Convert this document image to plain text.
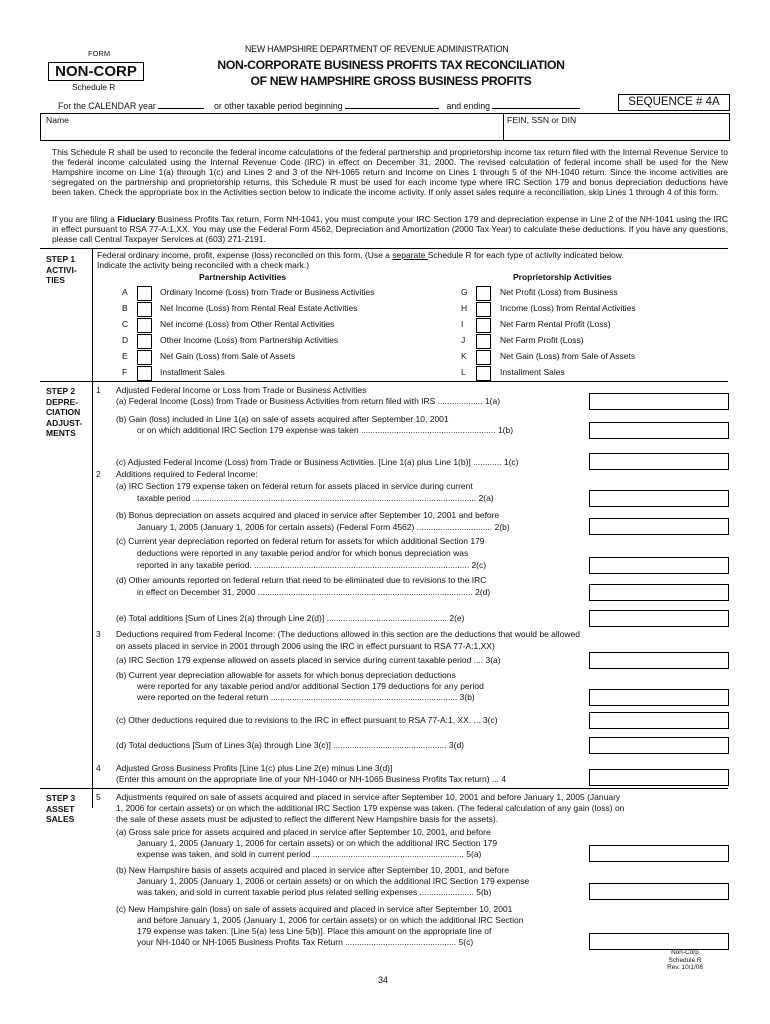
NEW HAMPSHIRE DEPARTMENT OF REVENUE ADMINISTRATION
FORM
NON-CORP
Schedule R
NON-CORPORATE BUSINESS PROFITS TAX RECONCILIATION
OF NEW HAMPSHIRE GROSS BUSINESS PROFITS
For the CALENDAR year	or other taxable period beginning	and ending	SEQUENCE # 4A
Name	FEIN, SSN or DIN
This Schedule R shall be used to reconcile the federal income calculations of the federal partnership and proprietorship income tax return filed with the Internal Revenue Service to the federal income calculated using the Internal Revenue Code (IRC) in effect on December 31, 2000. The revised calculation of federal income shall be used for the New Hampshire income on Line 1(a) through 1(c) and Lines 2 and 3 of the NH-1065 return and income on Lines 1 through 5 of the NH-1040 return. Since the income activities are segregated on the partnership and proprietorship returns, this Schedule R must be used for each income type where IRC Section 179 and bonus depreciation deductions have been taken. Check the appropriate box in the Activities section below to indicate the income activity. If only asset sales require a reconciliation, skip Lines 1 through 4 of this form.
If you are filing a Fiduciary Business Profits Tax return, Form NH-1041, you must compute your IRC Section 179 and depreciation expense in Line 2 of the NH-1041 using the IRC in effect pursuant to RSA 77-A:1,XX. You may use the Federal Form 4562, Depreciation and Amortization (2000 Tax Year) to calculate these deductions. If you have any questions, please call Central Taxpayer Services at (603) 271-2191.
STEP 1
ACTIVI-
TIES
Federal ordinary income, profit, expense (loss) reconciled on this form. (Use a separate Schedule R for each type of activity indicated below.
Indicate the activity being reconciled with a check mark.)
Partnership Activities	Proprietorship Activities
A	Ordinary Income (Loss) from Trade or Business Activities
B	Net Income (Loss) from Rental Real Estate Activities
C	Net income (Loss) from Other Rental Activities
D	Other Income (Loss) from Partnership Activities
E	Net Gain (Loss) from Sale of Assets
F	Installment Sales
G	Net Profit (Loss) from Business
H	Income (Loss) from Rental Activities
I	Net Farm Rental Profit (Loss)
J	Net Farm Profit (Loss)
K	Net Gain (Loss) from Sale of Assets
L	Installment Sales
STEP 2
DEPRE-
CIATION
ADJUST-
MENTS
1 Adjusted Federal Income or Loss from Trade or Business Activities
(a) Federal Income (Loss) from Trade or Business Activities from return filed with IRS ................... 1(a)
(b) Gain (loss) included in Line 1(a) on sale of assets acquired after September 10, 2001
or on which additional IRC Section 179 expense was taken ......................................................... 1(b)
(c) Adjusted Federal Income (Loss) from Trade or Business Activities. [Line 1(a) plus Line 1(b)] ............ 1(c)
2 Additions required to Federal Income:
(a) IRC Section 179 expense taken on federal return for assets placed in service during current
taxable period ........................................................................................................................ 2(a)
(b) Bonus depreciation on assets acquired and placed in service after September 10, 2001 and before
January 1, 2005 (January 1, 2006 for certain assets) (Federal Form 4562) ................................ 2(b)
(c) Current year depreciation reported on federal return for assets for which additional Section 179
deductions were reported in any taxable period and/or for which bonus depreciation was
reported in any taxable period. ........................................................................................... 2(c)
(d) Other amounts reported on federal return that need to be eliminated due to revisions to the IRC
in effect on December 31, 2000 ........................................................................................... 2(d)
(e) Total additions [Sum of Lines 2(a) through Line 2(d)] ................................................... 2(e)
3 Deductions required from Federal Income: (The deductions allowed in this section are the deductions that would be allowed
on assets placed in service in 2001 through 2006 using the IRC in effect pursuant to RSA 77-A:1,XX)
(a) IRC Section 179 expense allowed on assets placed in service during current taxable period .... 3(a)
(b) Current year depreciation allowable for assets for which bonus depreciation deductions
were reported for any taxable period and/or additional Section 179 deductions for any period
were reported on the federal return ............................................................................... 3(b)
(c) Other deductions required due to revisions to the IRC in effect pursuant to RSA 77-A:1, XX. ... 3(c)
(d) Total deductions [Sum of Lines 3(a) through Line 3(c)] ................................................ 3(d)
4 Adjusted Gross Business Profits [Line 1(c) plus Line 2(e) minus Line 3(d)]
(Enter this amount on the appropriate line of your NH-1040 or NH-1065 Business Profits Tax return) ... 4
STEP 3
ASSET
SALES
5 Adjustments required on sale of assets acquired and placed in service after September 10, 2001 and before January 1, 2005 (January
1, 2006 for certain assets) or on which the additional IRC Section 179 expense was taken. (The federal calculation of any gain (loss) on
the sale of these assets must be adjusted to reflect the different New Hampshire basis for the assets).
(a) Gross sale price for assets acquired and placed in service after September 10, 2001, and before
January 1, 2005 (January 1, 2006 for certain assets) or on which the additional IRC Section 179
expense was taken, and sold in current period ................................................................ 5(a)
(b) New Hampshire basis of assets acquired and placed in service after September 10, 2001, and before
January 1, 2005 (January 1, 2006 or certain assets) or on which the additional IRC Section 179 expense
was taken, and sold in current taxable period plus related selling expenses ....................... 5(b)
(c) New Hampshire gain (loss) on sale of assets acquired and placed in service after September 10, 2001
and before January 1, 2005 (January 1, 2006 for certain assets) or on which the additional IRC Section
179 expense was taken. [Line 5(a) less Line 5(b)]. Place this amount on the appropriate line of
your NH-1040 or NH-1065 Business Profits Tax Return ............................................... 5(c)
34
Non-Corp
Schedule R
Rev. 10/1/06
